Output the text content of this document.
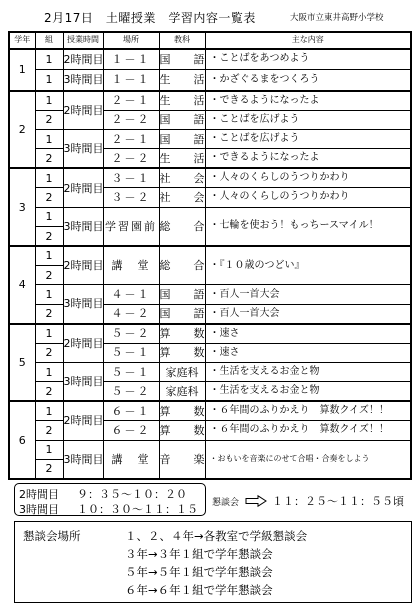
2月17日　土曜授業　学習内容一覧表	大阪市立東井高野小学校
学年	組	授業時間	場所	教科	主な内容
1	1	2時間目	１－１	国　語	・ことばをあつめよう
	1	3時間目	１－１	生　活	・かざぐるまをつくろう
2	1	2時間目	２－１	生　活	・できるようになったよ
	2		２－２	国　語	・ことばを広げよう
	1	3時間目	２－１	国　語	・ことばを広げよう
	2		２－２	生　活	・できるようになったよ
3	1	2時間目	３－１	社　会	・人々のくらしのうつりかわり
	2		３－２	社　会	・人々のくらしのうつりかわり
	1	3時間目	学習園前	総　合	・七輪を使おう！もっちースマイル！
	2				
4	1	2時間目	講　堂	総　合	・『１０歳のつどい』
	2				
	1	3時間目	４－１	国　語	・百人一首大会
	2		４－２	国　語	・百人一首大会
5	1	2時間目	５－２	算　数	・速さ
	2		５－１	算　数	・速さ
	1	3時間目	５－１	家庭科	・生活を支えるお金と物
	2		５－２	家庭科	・生活を支えるお金と物
6	1	2時間目	６－１	算　数	・６年間のふりかえり　算数クイズ！！
	2		６－２	算　数	・６年間のふりかえり　算数クイズ！！
	1	3時間目	講　堂	音　楽	・おもいを音楽にのせて合唱・合奏をしよう
	2				
2時間目 ９：３５～１０：２０
3時間目 １０：３０～１１：１５ 懇談会	１１：２５～１１：５５頃
懇談会場所	１、２、４年→各教室で学級懇談会
３年→３年１組で学年懇談会
５年→５年１組で学年懇談会
６年→６年１組で学年懇談会
